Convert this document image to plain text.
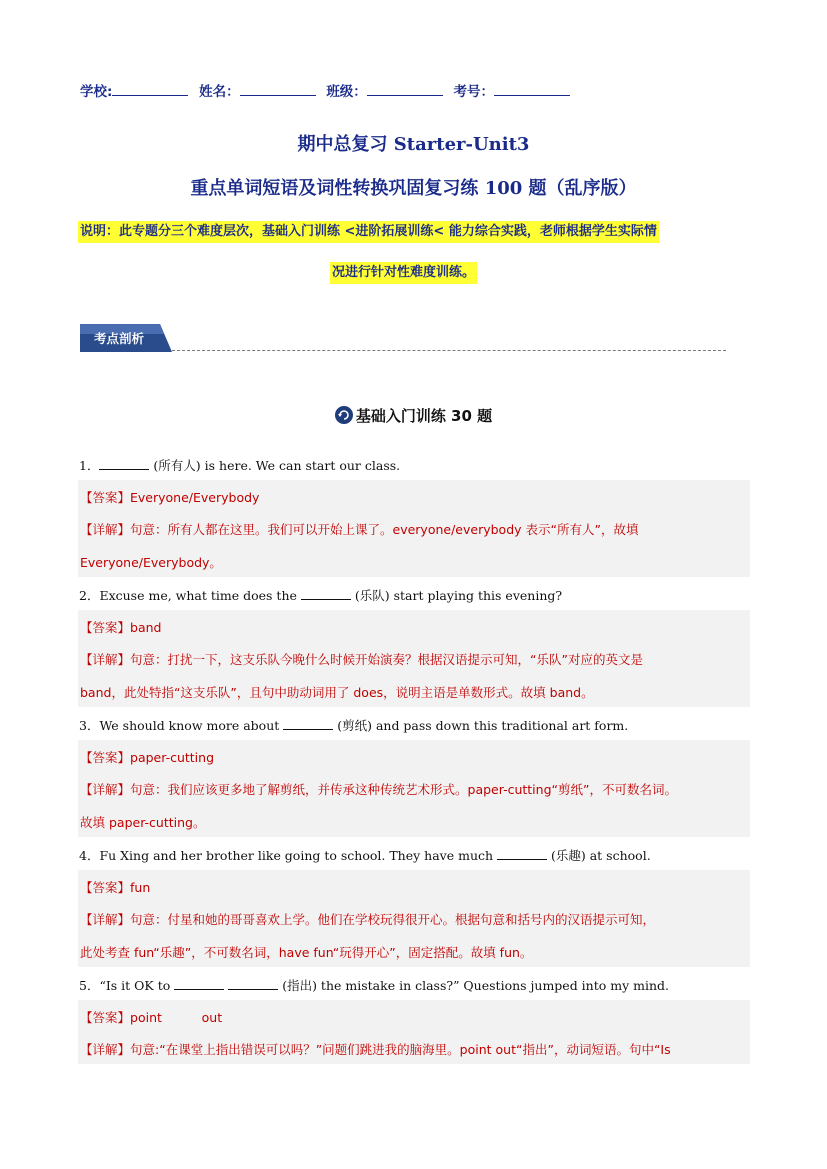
学校:	姓名：	班级：	考号：
期中总复习 Starter-Unit3
重点单词短语及词性转换巩固复习练 100 题（乱序版）
说明：此专题分三个难度层次，基础入门训练 <进阶拓展训练< 能力综合实践，老师根据学生实际情
况进行针对性难度训练。
考点剖析
基础入门训练 30 题
1．	(所有人) is here. We can start our class.
【答案】Everyone/Everybody
【详解】句意：所有人都在这里。我们可以开始上课了。everyone/everybody 表示“所有人”，故填
Everyone/Everybody。
2．Excuse me, what time does the	(乐队) start playing this evening?
【答案】band
【详解】句意：打扰一下，这支乐队今晚什么时候开始演奏？根据汉语提示可知，“乐队”对应的英文是
band，此处特指“这支乐队”，且句中助动词用了 does，说明主语是单数形式。故填 band。
3．We should know more about	(剪纸) and pass down this traditional art form.
【答案】paper-cutting
【详解】句意：我们应该更多地了解剪纸，并传承这种传统艺术形式。paper-cutting“剪纸”，不可数名词。
故填 paper-cutting。
4．Fu Xing and her brother like going to school. They have much	(乐趣) at school.
【答案】fun
【详解】句意：付星和她的哥哥喜欢上学。他们在学校玩得很开心。根据句意和括号内的汉语提示可知，
此处考查 fun“乐趣”，不可数名词，have fun“玩得开心”，固定搭配。故填 fun。
5．“Is it OK to	(指出) the mistake in class?” Questions jumped into my mind.
【答案】point          out
【详解】句意:“在课堂上指出错误可以吗？”问题们跳进我的脑海里。point out“指出”，动词短语。句中“Is
